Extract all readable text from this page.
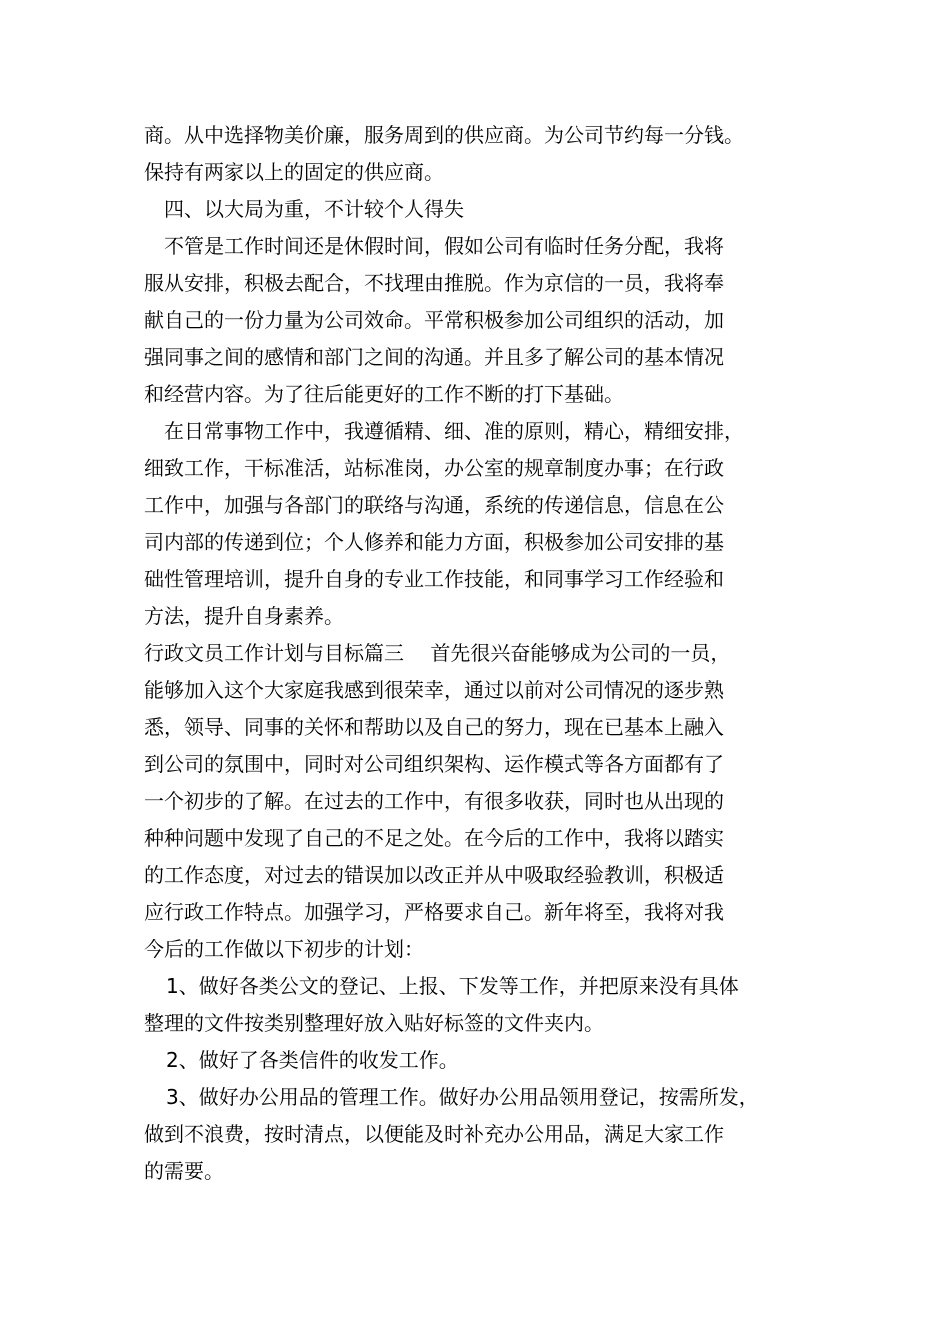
商。从中选择物美价廉，服务周到的供应商。为公司节约每一分钱。
保持有两家以上的固定的供应商。
四、以大局为重，不计较个人得失
不管是工作时间还是休假时间，假如公司有临时任务分配，我将
服从安排，积极去配合，不找理由推脱。作为京信的一员，我将奉
献自己的一份力量为公司效命。平常积极参加公司组织的活动，加
强同事之间的感情和部门之间的沟通。并且多了解公司的基本情况
和经营内容。为了往后能更好的工作不断的打下基础。
在日常事物工作中，我遵循精、细、准的原则，精心，精细安排，
细致工作，干标准活，站标准岗，办公室的规章制度办事；在行政
工作中，加强与各部门的联络与沟通，系统的传递信息，信息在公
司内部的传递到位；个人修养和能力方面，积极参加公司安排的基
础性管理培训，提升自身的专业工作技能，和同事学习工作经验和
方法，提升自身素养。
行政文员工作计划与目标篇三　 首先很兴奋能够成为公司的一员，
能够加入这个大家庭我感到很荣幸，通过以前对公司情况的逐步熟
悉，领导、同事的关怀和帮助以及自己的努力，现在已基本上融入
到公司的氛围中，同时对公司组织架构、运作模式等各方面都有了
一个初步的了解。在过去的工作中，有很多收获，同时也从出现的
种种问题中发现了自己的不足之处。在今后的工作中，我将以踏实
的工作态度，对过去的错误加以改正并从中吸取经验教训，积极适
应行政工作特点。加强学习，严格要求自己。新年将至，我将对我
今后的工作做以下初步的计划：
1、做好各类公文的登记、上报、下发等工作，并把原来没有具体
整理的文件按类别整理好放入贴好标签的文件夹内。
2、做好了各类信件的收发工作。
3、做好办公用品的管理工作。做好办公用品领用登记，按需所发，
做到不浪费，按时清点，以便能及时补充办公用品，满足大家工作
的需要。
